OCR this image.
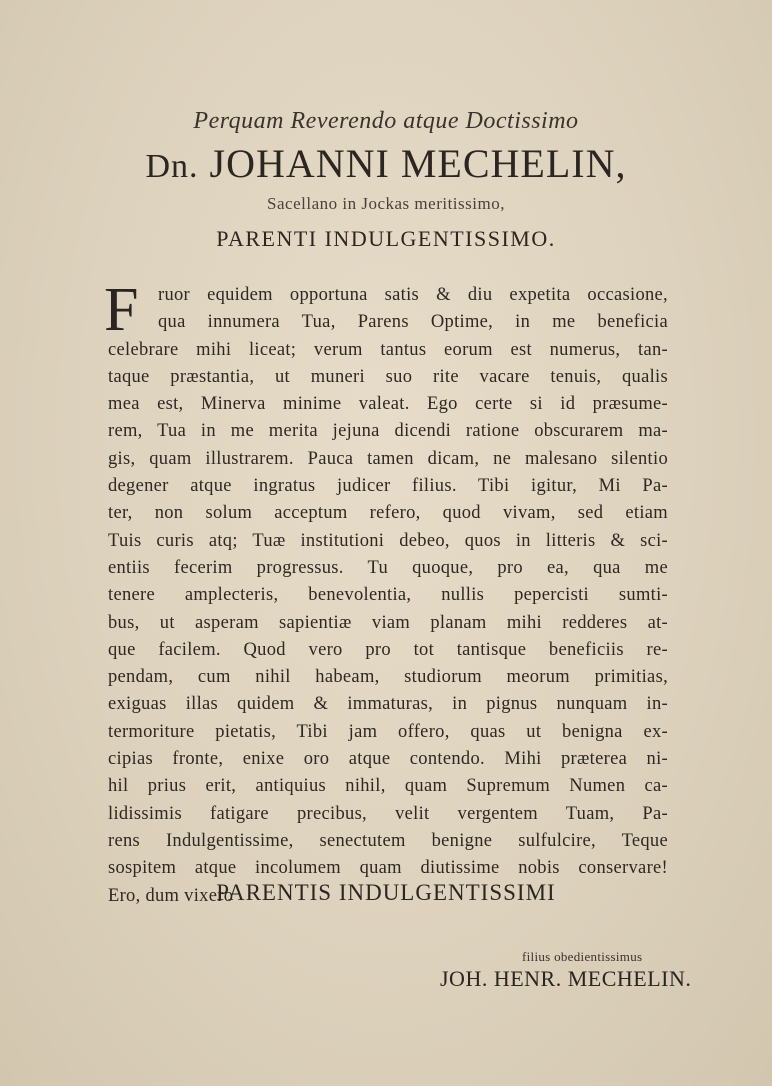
Perquam Reverendo atque Doctissimo
Dn. JOHANNI MECHELIN,
Sacellano in Jockas meritissimo,
PARENTI INDULGENTISSIMO.
F	ruor equidem opportuna satis & diu expetita occasione,
qua innumera Tua, Parens Optime, in me beneficia
celebrare mihi liceat; verum tantus eorum est numerus, tan-
taque præstantia, ut muneri suo rite vacare tenuis, qualis
mea est, Minerva minime valeat. Ego certe si id præsume-
rem, Tua in me merita jejuna dicendi ratione obscurarem ma-
gis, quam illustrarem. Pauca tamen dicam, ne malesano silentio
degener atque ingratus judicer filius. Tibi igitur, Mi Pa-
ter, non solum acceptum refero, quod vivam, sed etiam
Tuis curis atq; Tuæ institutioni debeo, quos in litteris & sci-
entiis fecerim progressus. Tu quoque, pro ea, qua me
tenere amplecteris, benevolentia, nullis pepercisti sumti-
bus, ut asperam sapientiæ viam planam mihi redderes at-
que facilem. Quod vero pro tot tantisque beneficiis re-
pendam, cum nihil habeam, studiorum meorum primitias,
exiguas illas quidem & immaturas, in pignus nunquam in-
termoriture pietatis, Tibi jam offero, quas ut benigna ex-
cipias fronte, enixe oro atque contendo. Mihi præterea ni-
hil prius erit, antiquius nihil, quam Supremum Numen ca-
lidissimis fatigare precibus, velit vergentem Tuam, Pa-
rens Indulgentissime, senectutem benigne sulfulcire, Teque
sospitem atque incolumem quam diutissime nobis conservare!
Ero, dum vixero
PARENTIS INDULGENTISSIMI
filius obedientissimus
JOH. HENR. MECHELIN.
